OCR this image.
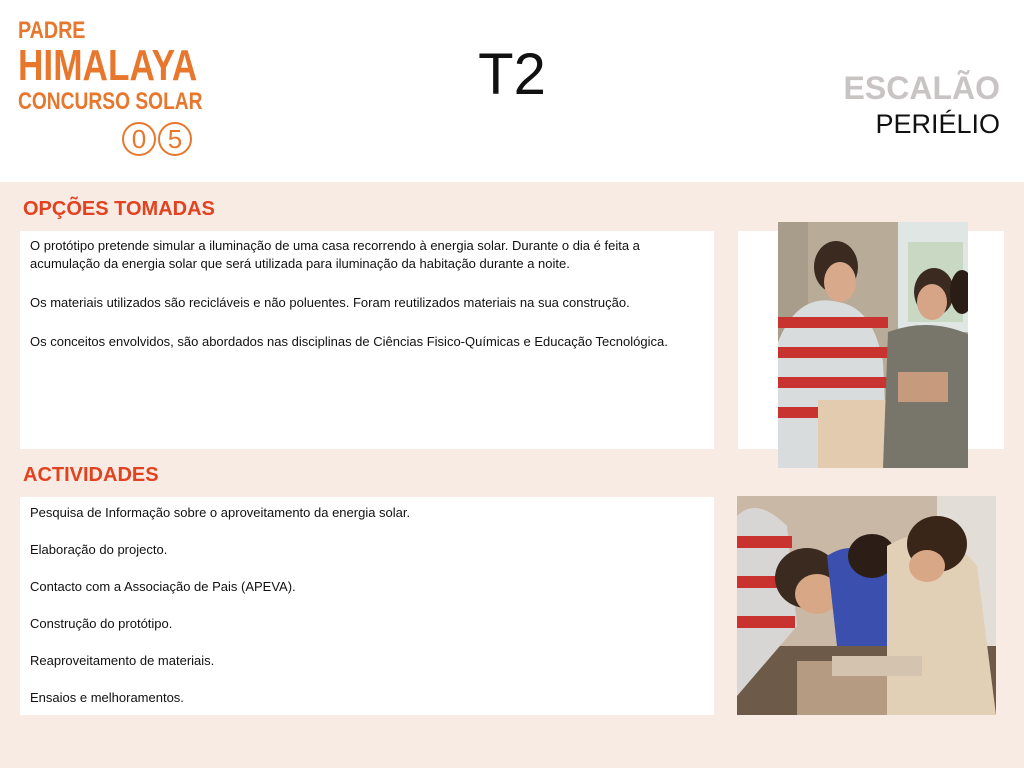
PADRE
HIMALAYA
CONCURSO SOLAR
0 5
T2	ESCALÃO
PERIÉLIO
OPÇÕES TOMADAS

O protótipo pretende simular a iluminação de uma casa recorrendo à energia solar. Durante o dia é feita a acumulação da energia solar que será utilizada para iluminação da habitação durante a noite.

Os materiais utilizados são recicláveis e não poluentes. Foram reutilizados materiais na sua construção.

Os conceitos envolvidos, são abordados nas disciplinas de Ciências Fisico-Químicas e Educação Tecnológica.

ACTIVIDADES

Pesquisa de Informação sobre o aproveitamento da energia solar.

Elaboração do projecto.

Contacto com a Associação de Pais (APEVA).

Construção do protótipo.

Reaproveitamento de materiais.

Ensaios e melhoramentos.
